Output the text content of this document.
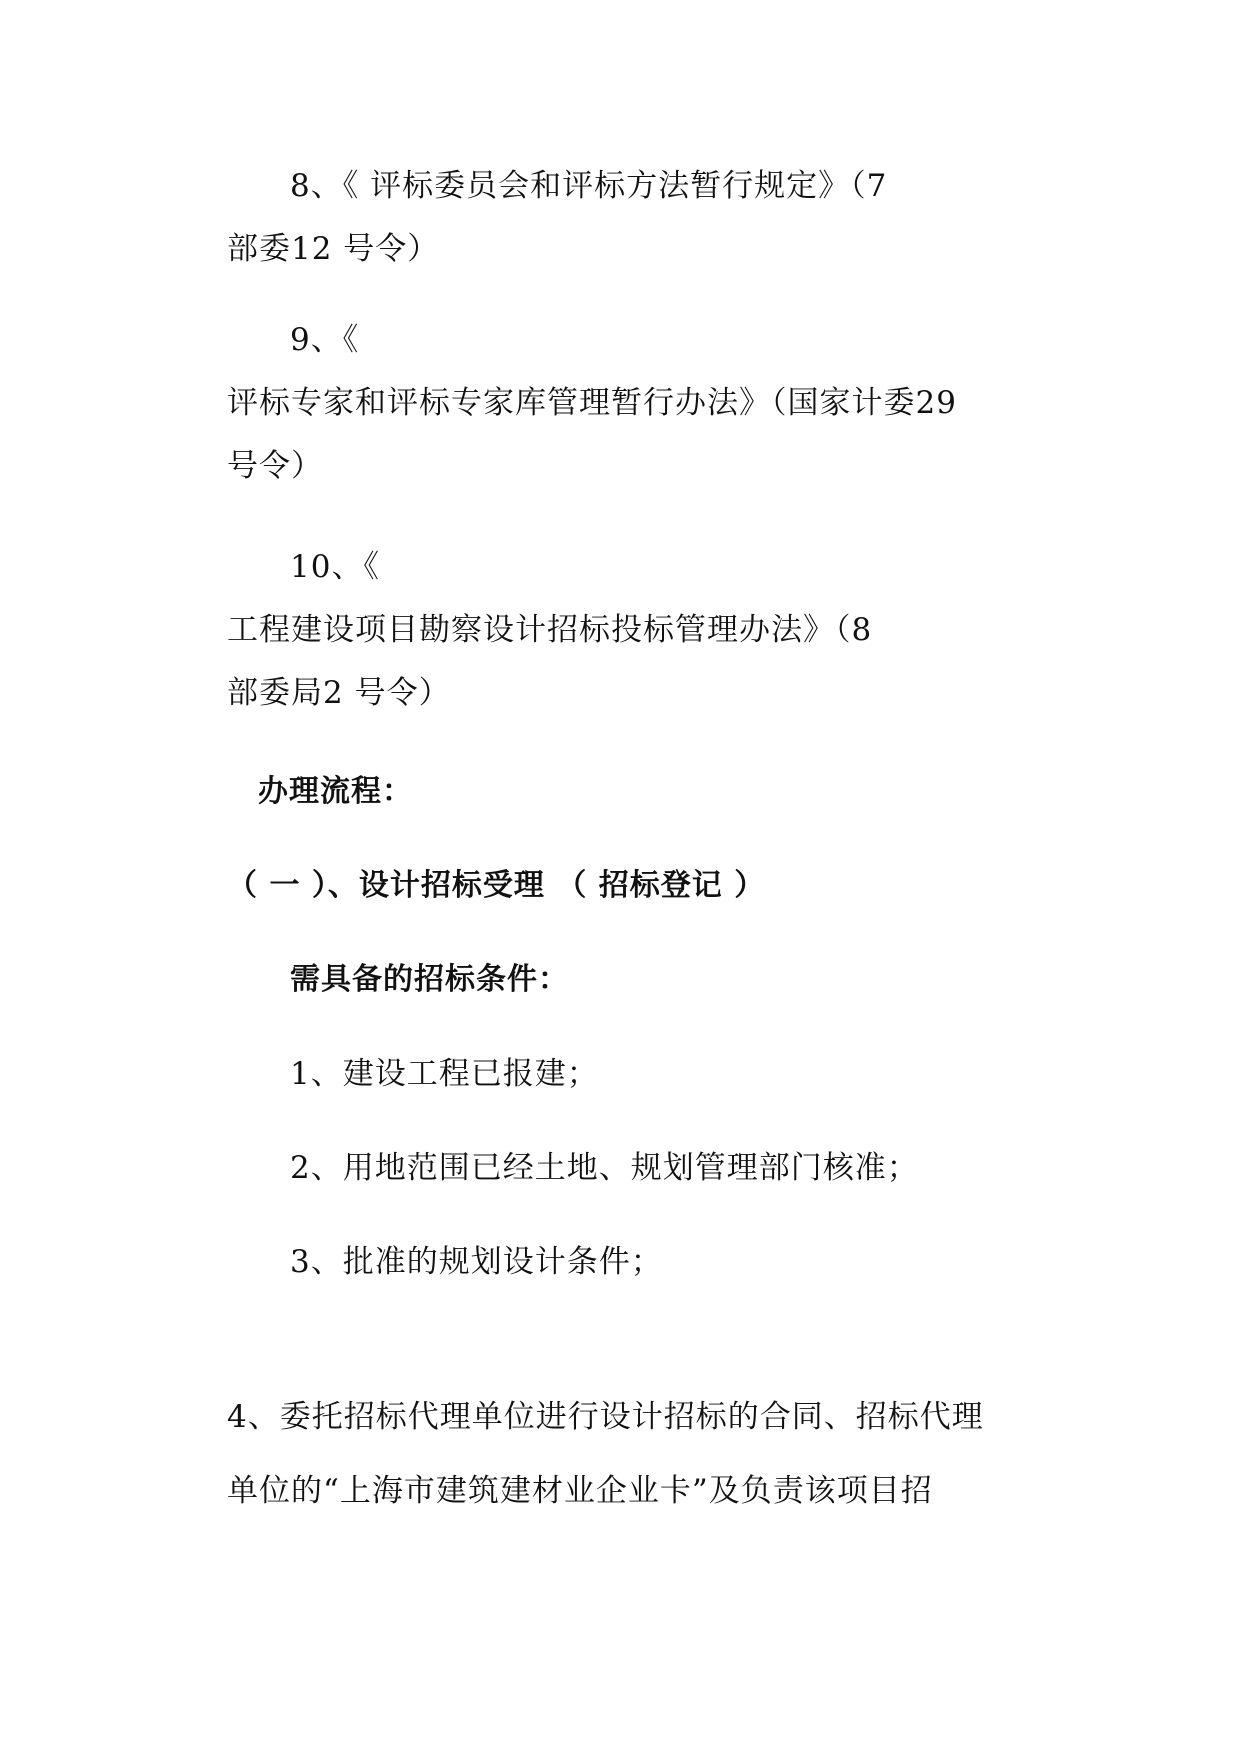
8、《 评标委员会和评标方法暂行规定》（7
部委12 号令）
9、《
评标专家和评标专家库管理暂行办法》（国家计委29
号令）
10、《
工程建设项目勘察设计招标投标管理办法》（8
部委局2 号令）
办理流程：
（ 一 ）、设计招标受理 （ 招标登记 ）
需具备的招标条件：
1、建设工程已报建；
2、用地范围已经土地、规划管理部门核准；
3、批准的规划设计条件；
4、委托招标代理单位进行设计招标的合同、招标代理
单位的“上海市建筑建材业企业卡”及负责该项目招
